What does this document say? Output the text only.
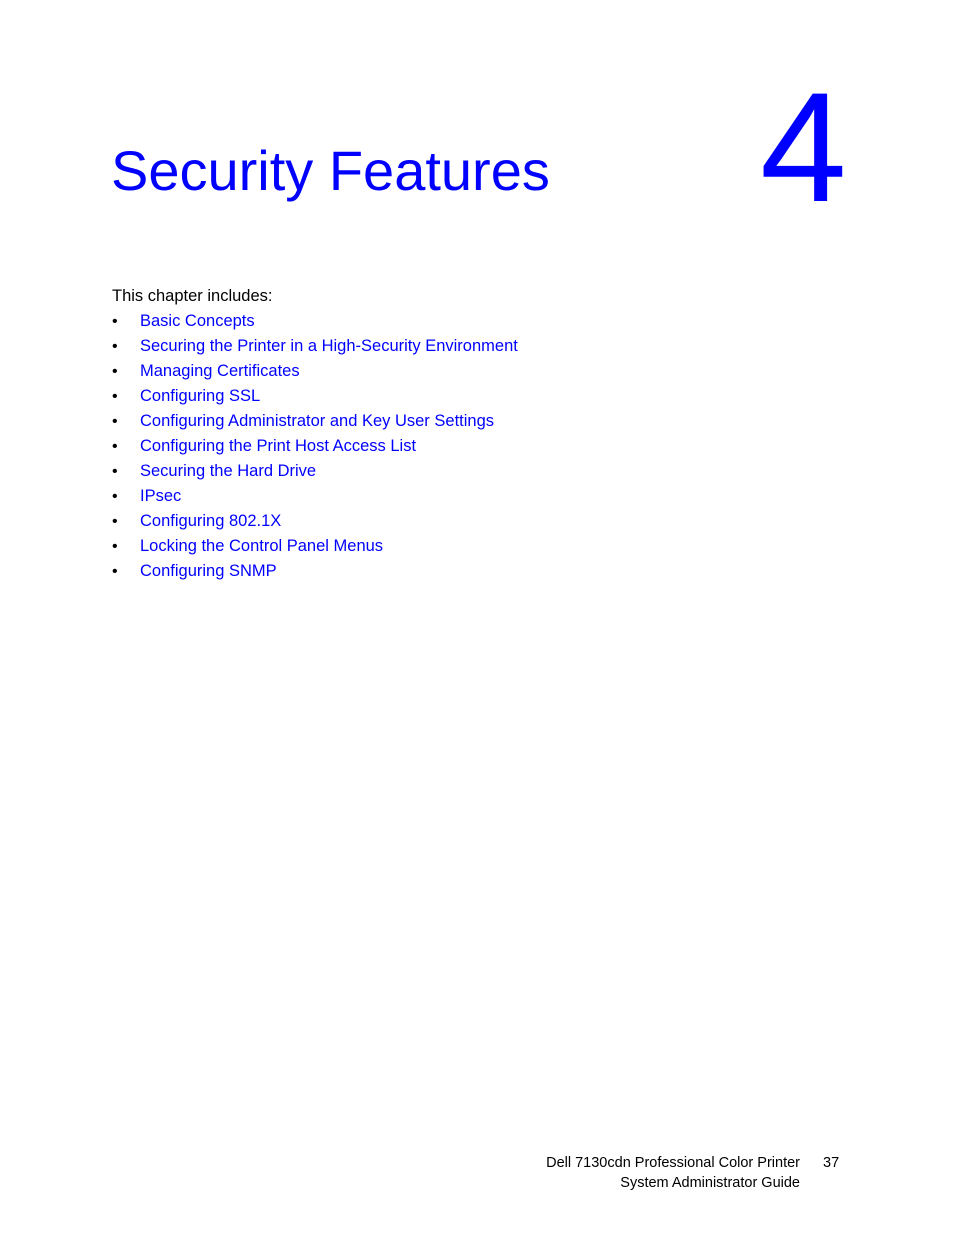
Security Features 4

This chapter includes:

•	Basic Concepts
•	Securing the Printer in a High-Security Environment
•	Managing Certificates
•	Configuring SSL
•	Configuring Administrator and Key User Settings
•	Configuring the Print Host Access List
•	Securing the Hard Drive
•	IPsec
•	Configuring 802.1X
•	Locking the Control Panel Menus
•	Configuring SNMP
Dell 7130cdn Professional Color Printer
System Administrator Guide
37
